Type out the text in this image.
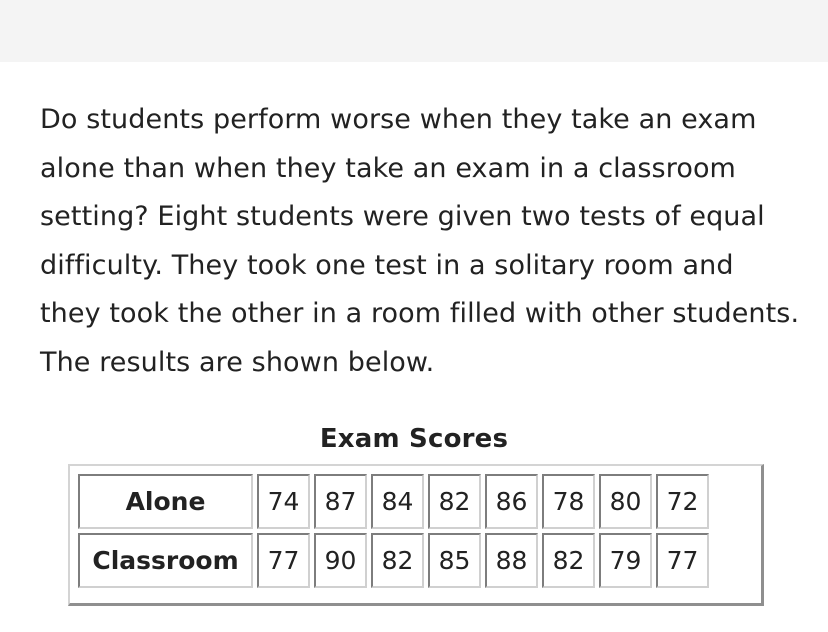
Do students perform worse when they take an exam alone than when they take an exam in a classroom setting? Eight students were given two tests of equal difficulty. They took one test in a solitary room and they took the other in a room filled with other students. The results are shown below.

Exam Scores
Alone	74	87	84	82	86	78	80	72
Classroom	77	90	82	85	88	82	79	77
